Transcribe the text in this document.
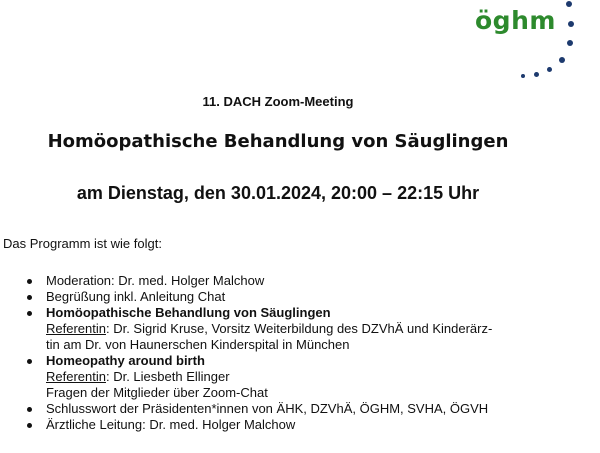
öghm
11. DACH Zoom-Meeting
Homöopathische Behandlung von Säuglingen
am Dienstag, den 30.01.2024, 20:00 – 22:15 Uhr
Das Programm ist wie folgt:
Moderation: Dr. med. Holger Malchow
Begrüßung inkl. Anleitung Chat
Homöopathische Behandlung von Säuglingen
Referentin: Dr. Sigrid Kruse, Vorsitz Weiterbildung des DZVhÄ und Kinderärz-
tin am Dr. von Haunerschen Kinderspital in München
Homeopathy around birth
Referentin: Dr. Liesbeth Ellinger
Fragen der Mitglieder über Zoom-Chat
Schlusswort der Präsidenten*innen von ÄHK, DZVhÄ, ÖGHM, SVHA, ÖGVH
Ärztliche Leitung: Dr. med. Holger Malchow
